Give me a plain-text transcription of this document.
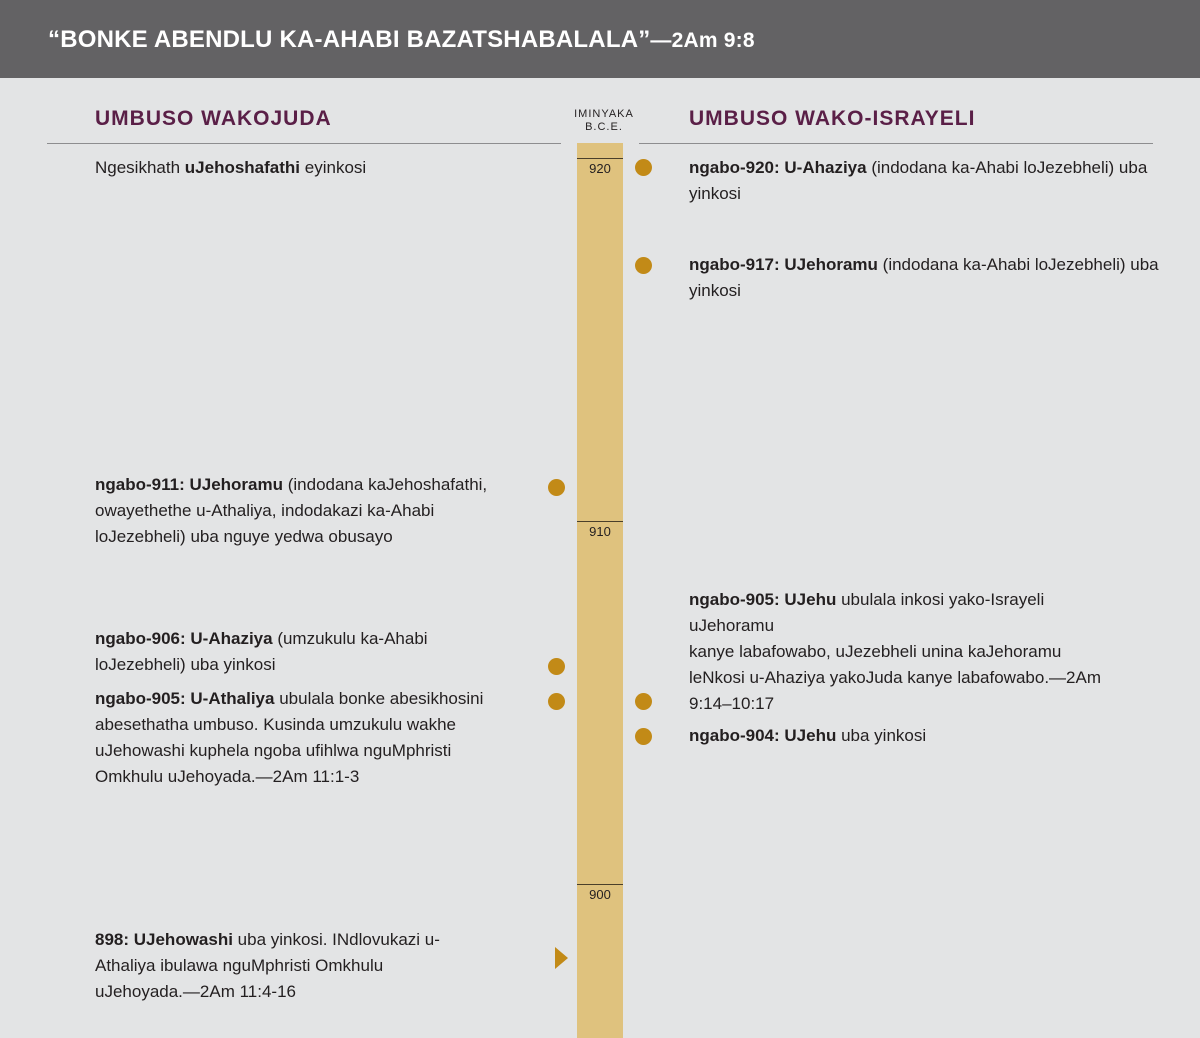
“BONKE ABENDLU KA-AHABI BAZATSHABALALA”—2Am 9:8
UMBUSO WAKOJUDA	UMBUSO WAKO-ISRAYELI
IMINYAKA
B.C.E.
920
910
900
Ngesikhath uJehoshafathi eyinkosi
ngabo-911: UJehoramu (indodana kaJehoshafathi, owayethethe u-Athaliya, indodakazi ka-Ahabi loJezebheli) uba nguye yedwa obusayo
ngabo-906: U-Ahaziya (umzukulu ka-Ahabi loJezebheli) uba yinkosi
ngabo-905: U-Athaliya ubulala bonke abesikhosini abesethatha umbuso. Kusinda umzukulu wakhe uJehowashi kuphela ngoba ufihlwa nguMphristi Omkhulu uJehoyada.—2Am 11:1-3
898: UJehowashi uba yinkosi. INdlovukazi u-Athaliya ibulawa nguMphristi Omkhulu uJehoyada.—2Am 11:4-16
ngabo-920: U-Ahaziya (indodana ka-Ahabi loJezebheli) uba yinkosi
ngabo-917: UJehoramu (indodana ka-Ahabi loJezebheli) uba yinkosi
ngabo-905: UJehu ubulala inkosi yako-Israyeli uJehoramu
kanye labafowabo, uJezebheli unina kaJehoramu leNkosi u-Ahaziya yakoJuda kanye labafowabo.—2Am 9:14–10:17
ngabo-904: UJehu uba yinkosi
